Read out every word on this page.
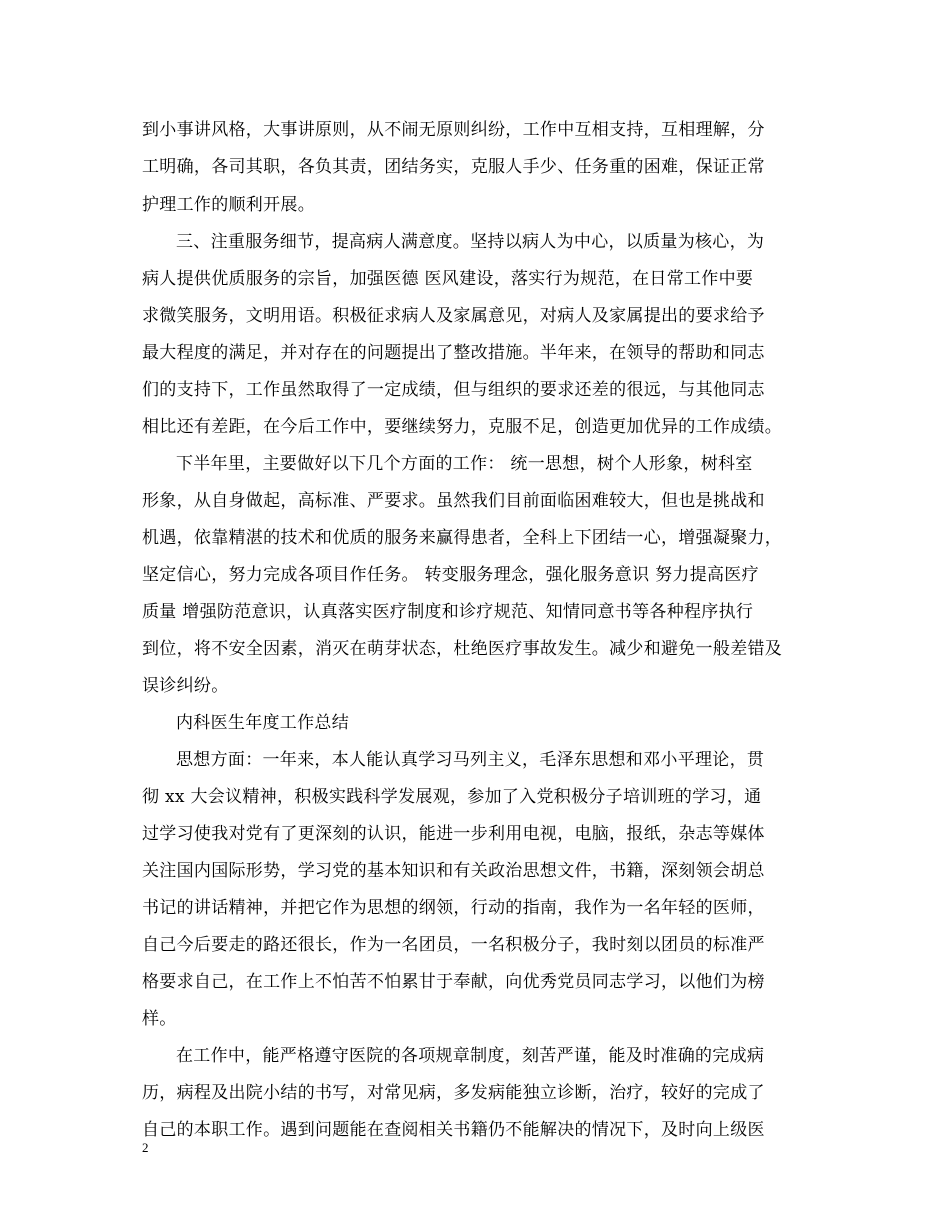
到小事讲风格，大事讲原则，从不闹无原则纠纷，工作中互相支持，互相理解，分
工明确，各司其职，各负其责，团结务实，克服人手少、任务重的困难，保证正常
护理工作的顺利开展。
三、注重服务细节，提高病人满意度。坚持以病人为中心，以质量为核心，为
病人提供优质服务的宗旨，加强医德 医风建设，落实行为规范，在日常工作中要
求微笑服务，文明用语。积极征求病人及家属意见，对病人及家属提出的要求给予
最大程度的满足，并对存在的问题提出了整改措施。半年来，在领导的帮助和同志
们的支持下，工作虽然取得了一定成绩，但与组织的要求还差的很远，与其他同志
相比还有差距，在今后工作中，要继续努力，克服不足，创造更加优异的工作成绩。
下半年里，主要做好以下几个方面的工作： 统一思想，树个人形象，树科室
形象，从自身做起，高标准、严要求。虽然我们目前面临困难较大，但也是挑战和
机遇，依靠精湛的技术和优质的服务来赢得患者，全科上下团结一心，增强凝聚力，
坚定信心，努力完成各项目作任务。 转变服务理念，强化服务意识 努力提高医疗
质量 增强防范意识，认真落实医疗制度和诊疗规范、知情同意书等各种程序执行
到位，将不安全因素，消灭在萌芽状态，杜绝医疗事故发生。减少和避免一般差错及
误诊纠纷。
内科医生年度工作总结
思想方面：一年来，本人能认真学习马列主义，毛泽东思想和邓小平理论，贯
彻 xx 大会议精神，积极实践科学发展观，参加了入党积极分子培训班的学习，通
过学习使我对党有了更深刻的认识，能进一步利用电视，电脑，报纸，杂志等媒体
关注国内国际形势，学习党的基本知识和有关政治思想文件，书籍，深刻领会胡总
书记的讲话精神，并把它作为思想的纲领，行动的指南，我作为一名年轻的医师，
自己今后要走的路还很长，作为一名团员，一名积极分子，我时刻以团员的标准严
格要求自己，在工作上不怕苦不怕累甘于奉献，向优秀党员同志学习，以他们为榜
样。
在工作中，能严格遵守医院的各项规章制度，刻苦严谨，能及时准确的完成病
历，病程及出院小结的书写，对常见病，多发病能独立诊断，治疗，较好的完成了
自己的本职工作。遇到问题能在查阅相关书籍仍不能解决的情况下，及时向上级医
2
